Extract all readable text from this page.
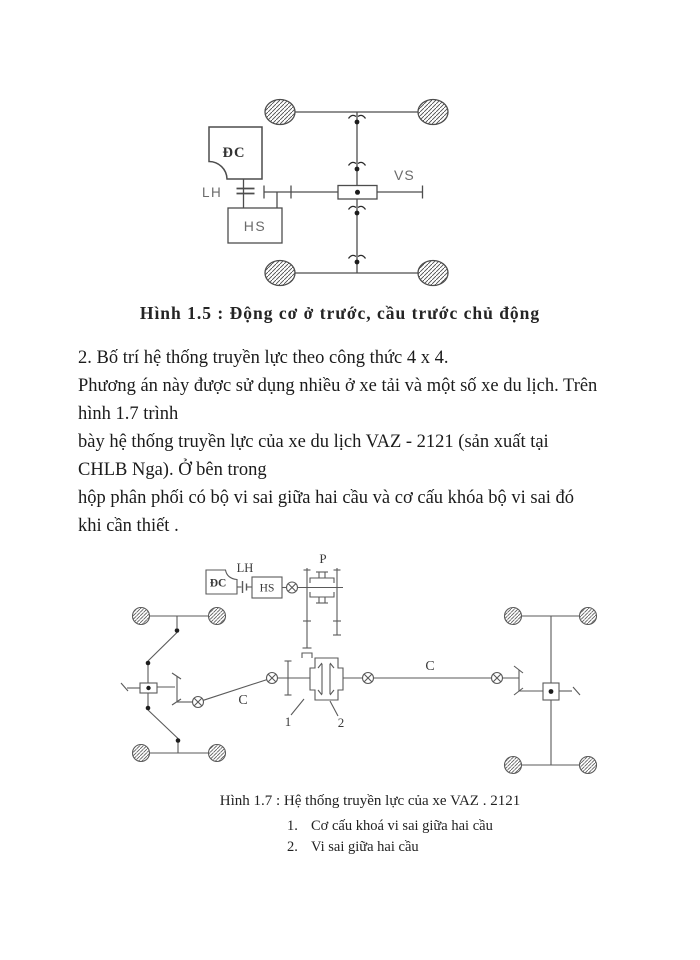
ĐC
LH
HS
VS
Hình 1.5 : Động cơ ở trước, cầu trước chủ động
2. Bố trí hệ thống truyền lực theo công thức 4 x 4.
Phương án này được sử dụng nhiều ở xe tải và một số xe du lịch. Trên
hình 1.7 trình
bày hệ thống truyền lực của xe du lịch VAZ - 2121 (sản xuất tại
CHLB Nga). Ở bên trong
hộp phân phối có bộ vi sai giữa hai cầu và cơ cấu khóa bộ vi sai đó
khi cần thiết .
ĐC
LH
HS
P
C
C
1	2
Hình 1.7 : Hệ thống truyền lực của xe VAZ . 2121
1. Cơ cấu khoá vi sai giữa hai cầu
2. Vi sai giữa hai cầu
